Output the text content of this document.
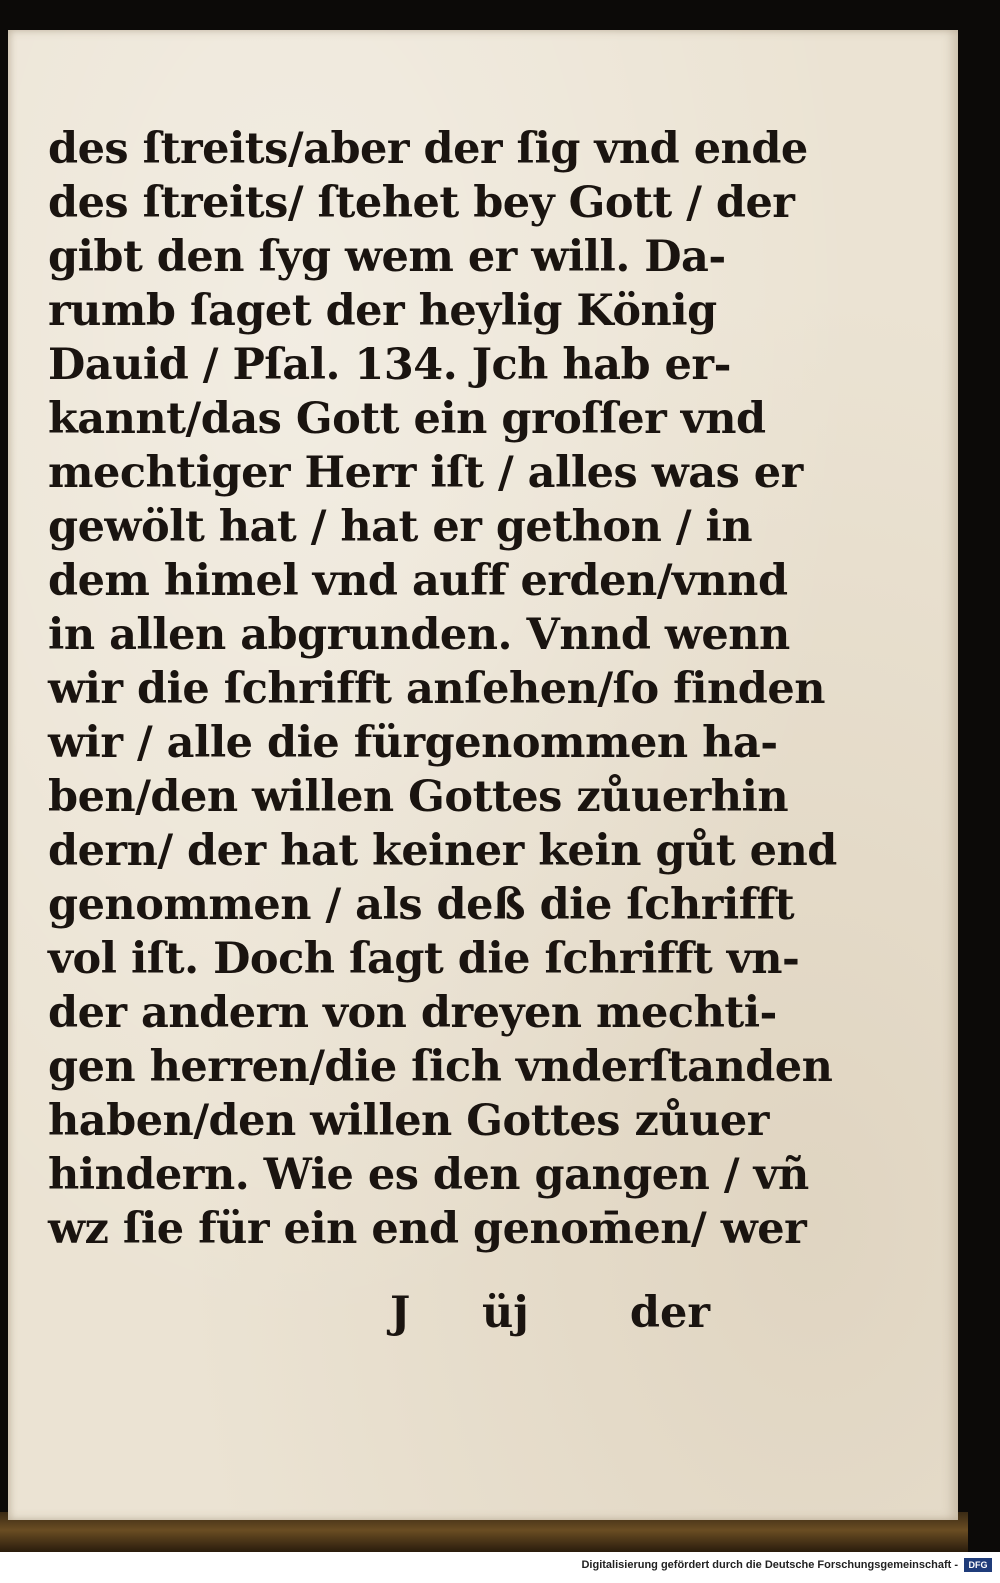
des ſtreits/aber der ſig vnd ende
des ſtreits/ ſtehet bey Gott / der
gibt den ſyg wem er will. Da-
rumb ſaget der heylig König
Dauid / Pſal. 134. Jch hab er-
kannt/das Gott ein groſſer vnd
mechtiger Herr iſt / alles was er
gewölt hat / hat er gethon / in
dem himel vnd auff erden/vnnd
in allen abgrunden. Vnnd wenn
wir die ſchrifft anſehen/ſo finden
wir / alle die fürgenommen ha-
ben/den willen Gottes zůuerhin
dern/ der hat keiner kein gůt end
genommen / als deß die ſchrifft
vol iſt. Doch ſagt die ſchrifft vn-
der andern von dreyen mechti-
gen herren/die ſich vnderſtanden
haben/den willen Gottes zůuer
hindern. Wie es den gangen / vñ
wz ſie für ein end genom̄en/ wer
J üj der
Digitalisierung gefördert durch die Deutsche Forschungsgemeinschaft -	DFG
